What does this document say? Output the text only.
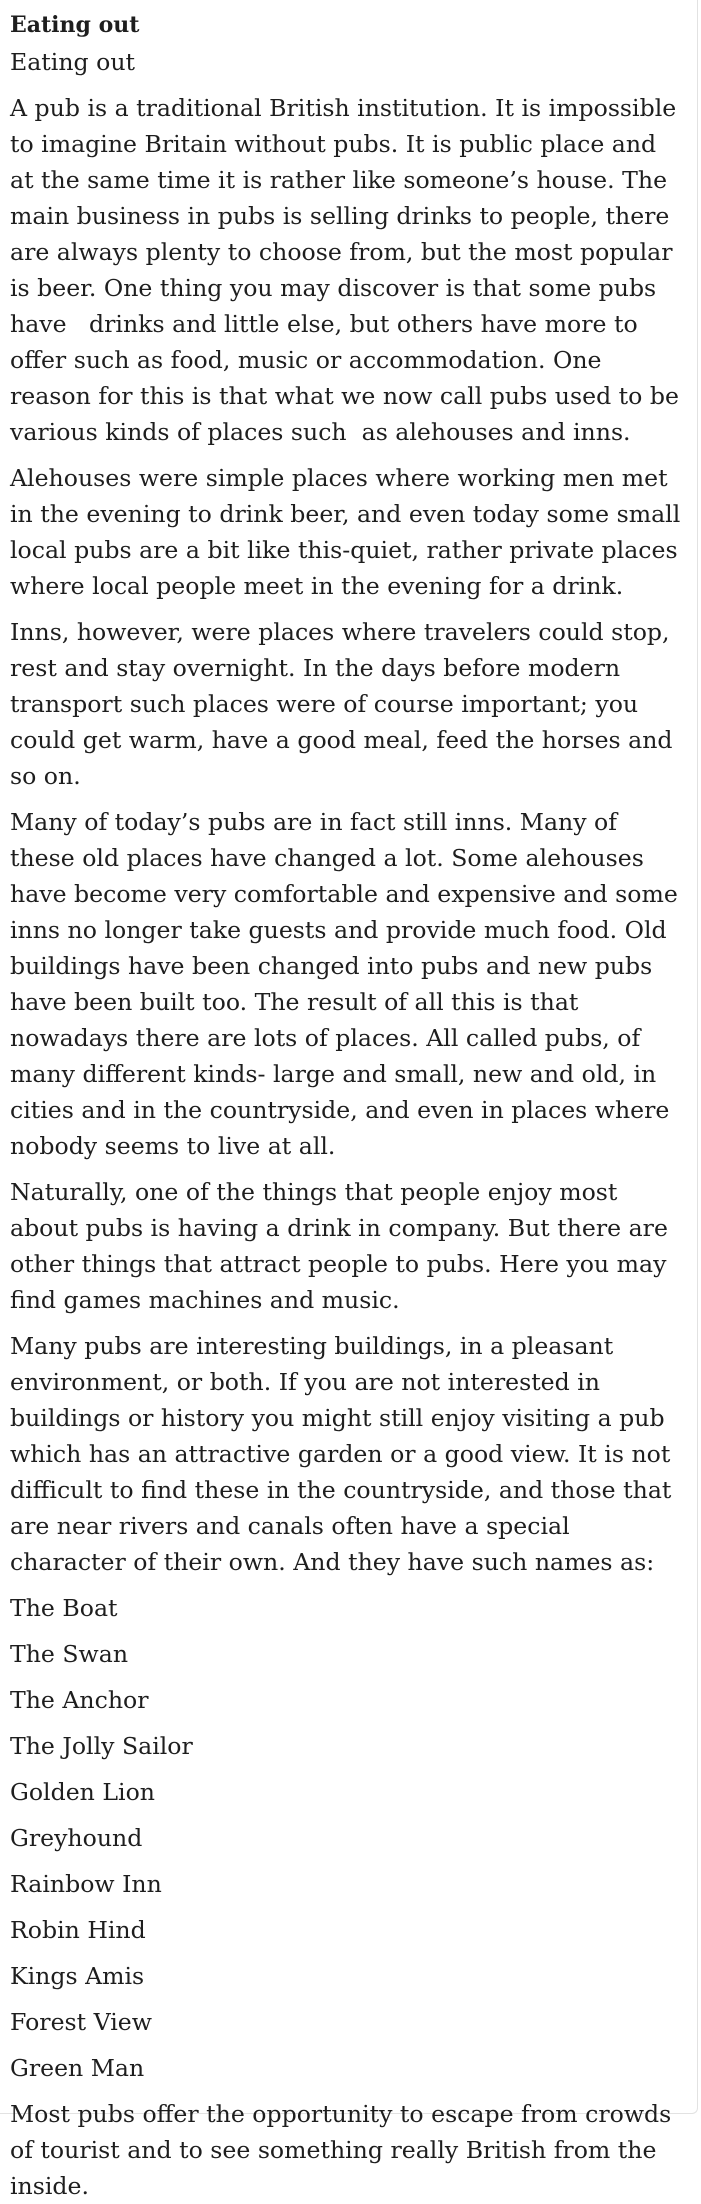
Eating out
Eating out

A pub is a traditional British institution. It is impossible to imagine Britain without pubs. It is public place and at the same time it is rather like someone’s house. The main business in pubs is selling drinks to people, there are always plenty to choose from, but the most popular is beer. One thing you may discover is that some pubs have   drinks and little else, but others have more to offer such as food, music or accommodation. One reason for this is that what we now call pubs used to be various kinds of places such  as alehouses and inns.

Alehouses were simple places where working men met in the evening to drink beer, and even today some small local pubs are a bit like this-quiet, rather private places where local people meet in the evening for a drink.

Inns, however, were places where travelers could stop, rest and stay overnight. In the days before modern transport such places were of course important; you could get warm, have a good meal, feed the horses and so on.

Many of today’s pubs are in fact still inns. Many of these old places have changed a lot. Some alehouses have become very comfortable and expensive and some inns no longer take guests and provide much food. Old buildings have been changed into pubs and new pubs have been built too. The result of all this is that nowadays there are lots of places. All called pubs, of many different kinds- large and small, new and old, in cities and in the countryside, and even in places where nobody seems to live at all.

Naturally, one of the things that people enjoy most about pubs is having a drink in company. But there are other things that attract people to pubs. Here you may find games machines and music.

Many pubs are interesting buildings, in a pleasant environment, or both. If you are not interested in buildings or history you might still enjoy visiting a pub which has an attractive garden or a good view. It is not difficult to find these in the countryside, and those that are near rivers and canals often have a special character of their own. And they have such names as:

The Boat
The Swan
The Anchor
The Jolly Sailor
Golden Lion
Greyhound
Rainbow Inn
Robin Hind
Kings Amis
Forest View
Green Man

Most pubs offer the opportunity to escape from crowds of tourist and to see something really British from the inside.
